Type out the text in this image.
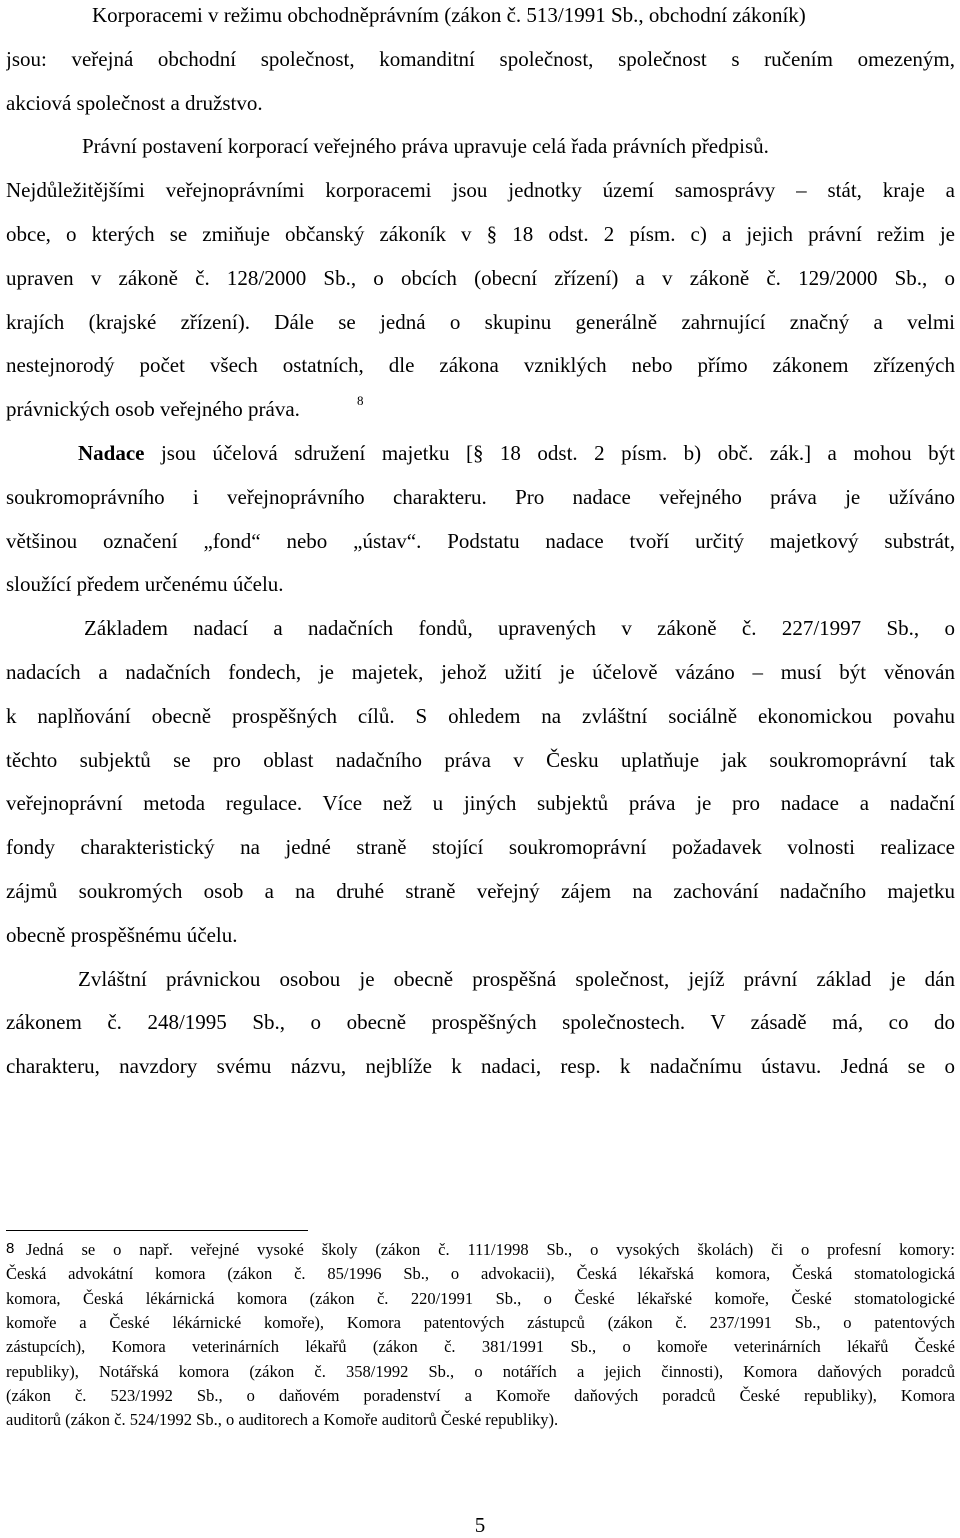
Korporacemi v režimu obchodněprávním (zákon č. 513/1991 Sb., obchodní zákoník)
jsou: veřejná obchodní společnost, komanditní společnost, společnost s ručením omezeným,
akciová společnost a družstvo.
Právní postavení korporací veřejného práva upravuje celá řada právních předpisů.
Nejdůležitějšími veřejnoprávními korporacemi jsou jednotky území samosprávy – stát, kraje a
obce, o kterých se zmiňuje občanský zákoník v § 18 odst. 2 písm. c) a jejich právní režim je
upraven v zákoně č. 128/2000 Sb., o obcích (obecní zřízení) a v zákoně č. 129/2000 Sb., o
krajích (krajské zřízení). Dále se jedná o skupinu generálně zahrnující značný a velmi
nestejnorodý počet všech ostatních, dle zákona vzniklých nebo přímo zákonem zřízených
právnických osob veřejného práva.	8
Nadace jsou účelová sdružení majetku [§ 18 odst. 2 písm. b) obč. zák.] a mohou být
soukromoprávního i veřejnoprávního charakteru. Pro nadace veřejného práva je užíváno
většinou označení „fond“ nebo „ústav“. Podstatu nadace tvoří určitý majetkový substrát,
sloužící předem určenému účelu.
Základem nadací a nadačních fondů, upravených v zákoně č. 227/1997 Sb., o
nadacích a nadačních fondech, je majetek, jehož užití je účelově vázáno – musí být věnován
k naplňování obecně prospěšných cílů. S ohledem na zvláštní sociálně ekonomickou povahu
těchto subjektů se pro oblast nadačního práva v Česku uplatňuje jak soukromoprávní tak
veřejnoprávní metoda regulace. Více než u jiných subjektů práva je pro nadace a nadační
fondy charakteristický na jedné straně stojící soukromoprávní požadavek volnosti realizace
zájmů soukromých osob a na druhé straně veřejný zájem na zachování nadačního majetku
obecně prospěšnému účelu.
Zvláštní právnickou osobou je obecně prospěšná společnost, jejíž právní základ je dán
zákonem č. 248/1995 Sb., o obecně prospěšných společnostech. V zásadě má, co do
charakteru, navzdory svému názvu, nejblíže k nadaci, resp. k nadačnímu ústavu. Jedná se o
Jedná se o např. veřejné vysoké školy (zákon č. 111/1998 Sb., o vysokých školách) či o profesní komory:
Česká advokátní komora (zákon č. 85/1996 Sb., o advokacii), Česká lékařská komora, Česká stomatologická
komora, Česká lékárnická komora (zákon č. 220/1991 Sb., o České lékařské komoře, České stomatologické
komoře a České lékárnické komoře), Komora patentových zástupců (zákon č. 237/1991 Sb., o patentových
zástupcích), Komora veterinárních lékařů (zákon č. 381/1991 Sb., o komoře veterinárních lékařů České
republiky), Notářská komora (zákon č. 358/1992 Sb., o notářích a jejich činnosti), Komora daňových poradců
(zákon č. 523/1992 Sb., o daňovém poradenství a Komoře daňových poradců České republiky), Komora
auditorů (zákon č. 524/1992 Sb., o auditorech a Komoře auditorů České republiky).
8
5
